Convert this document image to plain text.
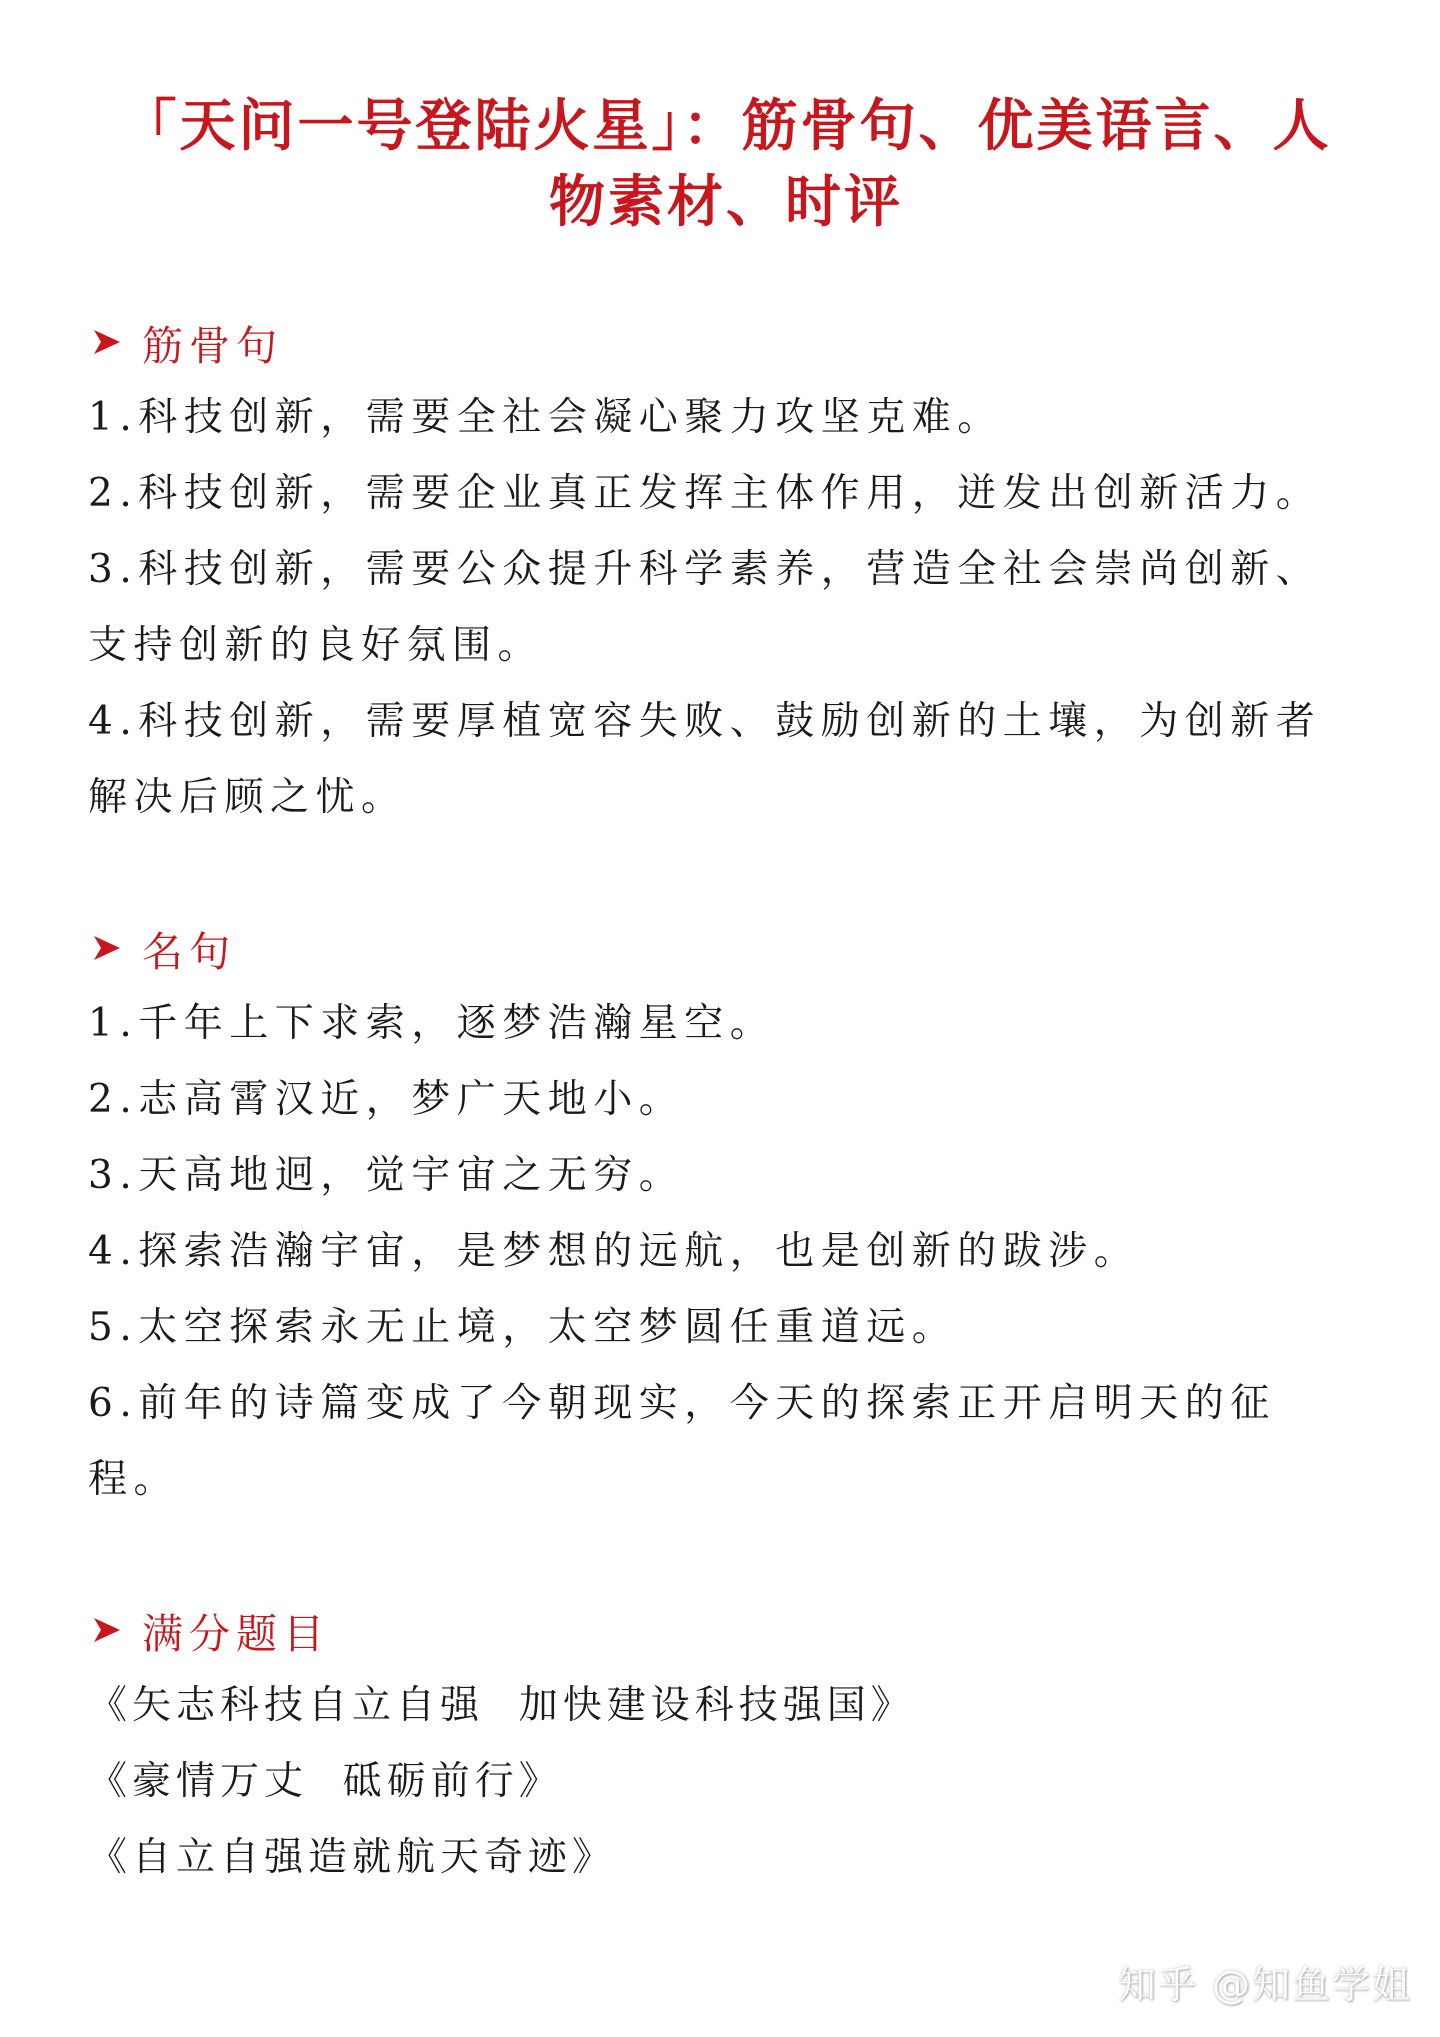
「天问一号登陆火星」：筋骨句、优美语言、人
物素材、时评
筋骨句
1.科技创新，需要全社会凝心聚力攻坚克难。
2.科技创新，需要企业真正发挥主体作用，迸发出创新活力。
3.科技创新，需要公众提升科学素养，营造全社会崇尚创新、
支持创新的良好氛围。
4.科技创新，需要厚植宽容失败、鼓励创新的土壤，为创新者
解决后顾之忧。
名句
1.千年上下求索，逐梦浩瀚星空。
2.志高霄汉近，梦广天地小。
3.天高地迥，觉宇宙之无穷。
4.探索浩瀚宇宙，是梦想的远航，也是创新的跋涉。
5.太空探索永无止境，太空梦圆任重道远。
6.前年的诗篇变成了今朝现实，今天的探索正开启明天的征
程。
满分题目
《矢志科技自立自强  加快建设科技强国》
《豪情万丈  砥砺前行》
《自立自强造就航天奇迹》
知乎 @知鱼学姐
